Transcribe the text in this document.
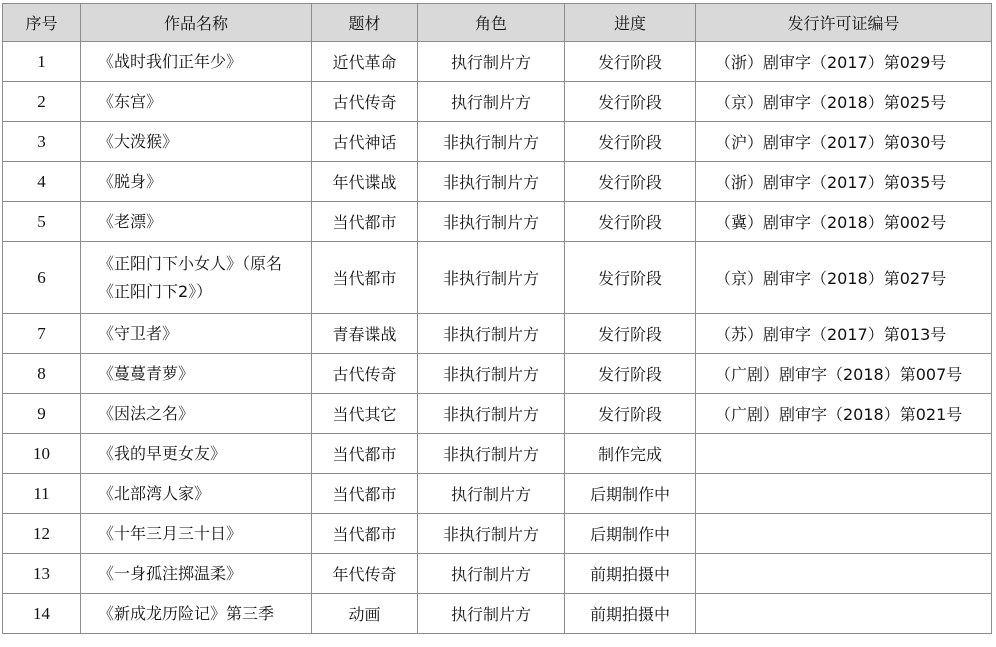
序号	作品名称	题材	角色	进度	发行许可证编号
1	《战时我们正年少》	近代革命	执行制片方	发行阶段	（浙）剧审字（2017）第029号
2	《东宫》	古代传奇	执行制片方	发行阶段	（京）剧审字（2018）第025号
3	《大泼猴》	古代神话	非执行制片方	发行阶段	（沪）剧审字（2017）第030号
4	《脱身》	年代谍战	非执行制片方	发行阶段	（浙）剧审字（2017）第035号
5	《老漂》	当代都市	非执行制片方	发行阶段	（冀）剧审字（2018）第002号
6	《正阳门下小女人》（原名《正阳门下2》）	当代都市	非执行制片方	发行阶段	（京）剧审字（2018）第027号
7	《守卫者》	青春谍战	非执行制片方	发行阶段	（苏）剧审字（2017）第013号
8	《蔓蔓青萝》	古代传奇	非执行制片方	发行阶段	（广剧）剧审字（2018）第007号
9	《因法之名》	当代其它	非执行制片方	发行阶段	（广剧）剧审字（2018）第021号
10	《我的早更女友》	当代都市	非执行制片方	制作完成	
11	《北部湾人家》	当代都市	执行制片方	后期制作中	
12	《十年三月三十日》	当代都市	非执行制片方	后期制作中	
13	《一身孤注掷温柔》	年代传奇	执行制片方	前期拍摄中	
14	《新成龙历险记》第三季	动画	执行制片方	前期拍摄中	
